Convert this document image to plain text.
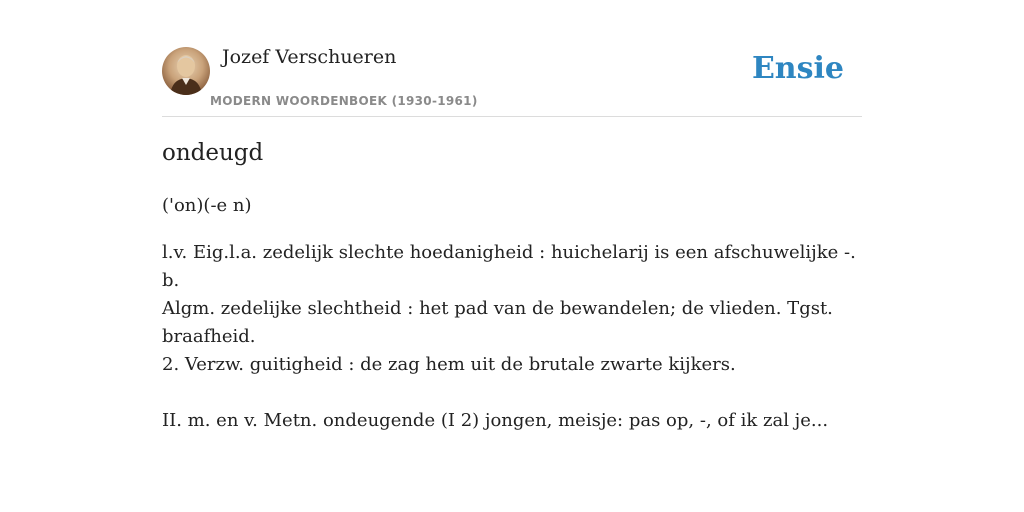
Jozef Verschueren
MODERN WOORDENBOEK (1930-1961)
Ensie
ondeugd
('on)(-e n)

l.v. Eig.l.a. zedelijk slechte hoedanigheid : huichelarij is een afschuwelijke -. b.

Algm. zedelijke slechtheid : het pad van de bewandelen; de vlieden. Tgst.

braafheid.

2. Verzw. guitigheid : de zag hem uit de brutale zwarte kijkers.

II. m. en v. Metn. ondeugende (I 2) jongen, meisje: pas op, -, of ik zal je...
